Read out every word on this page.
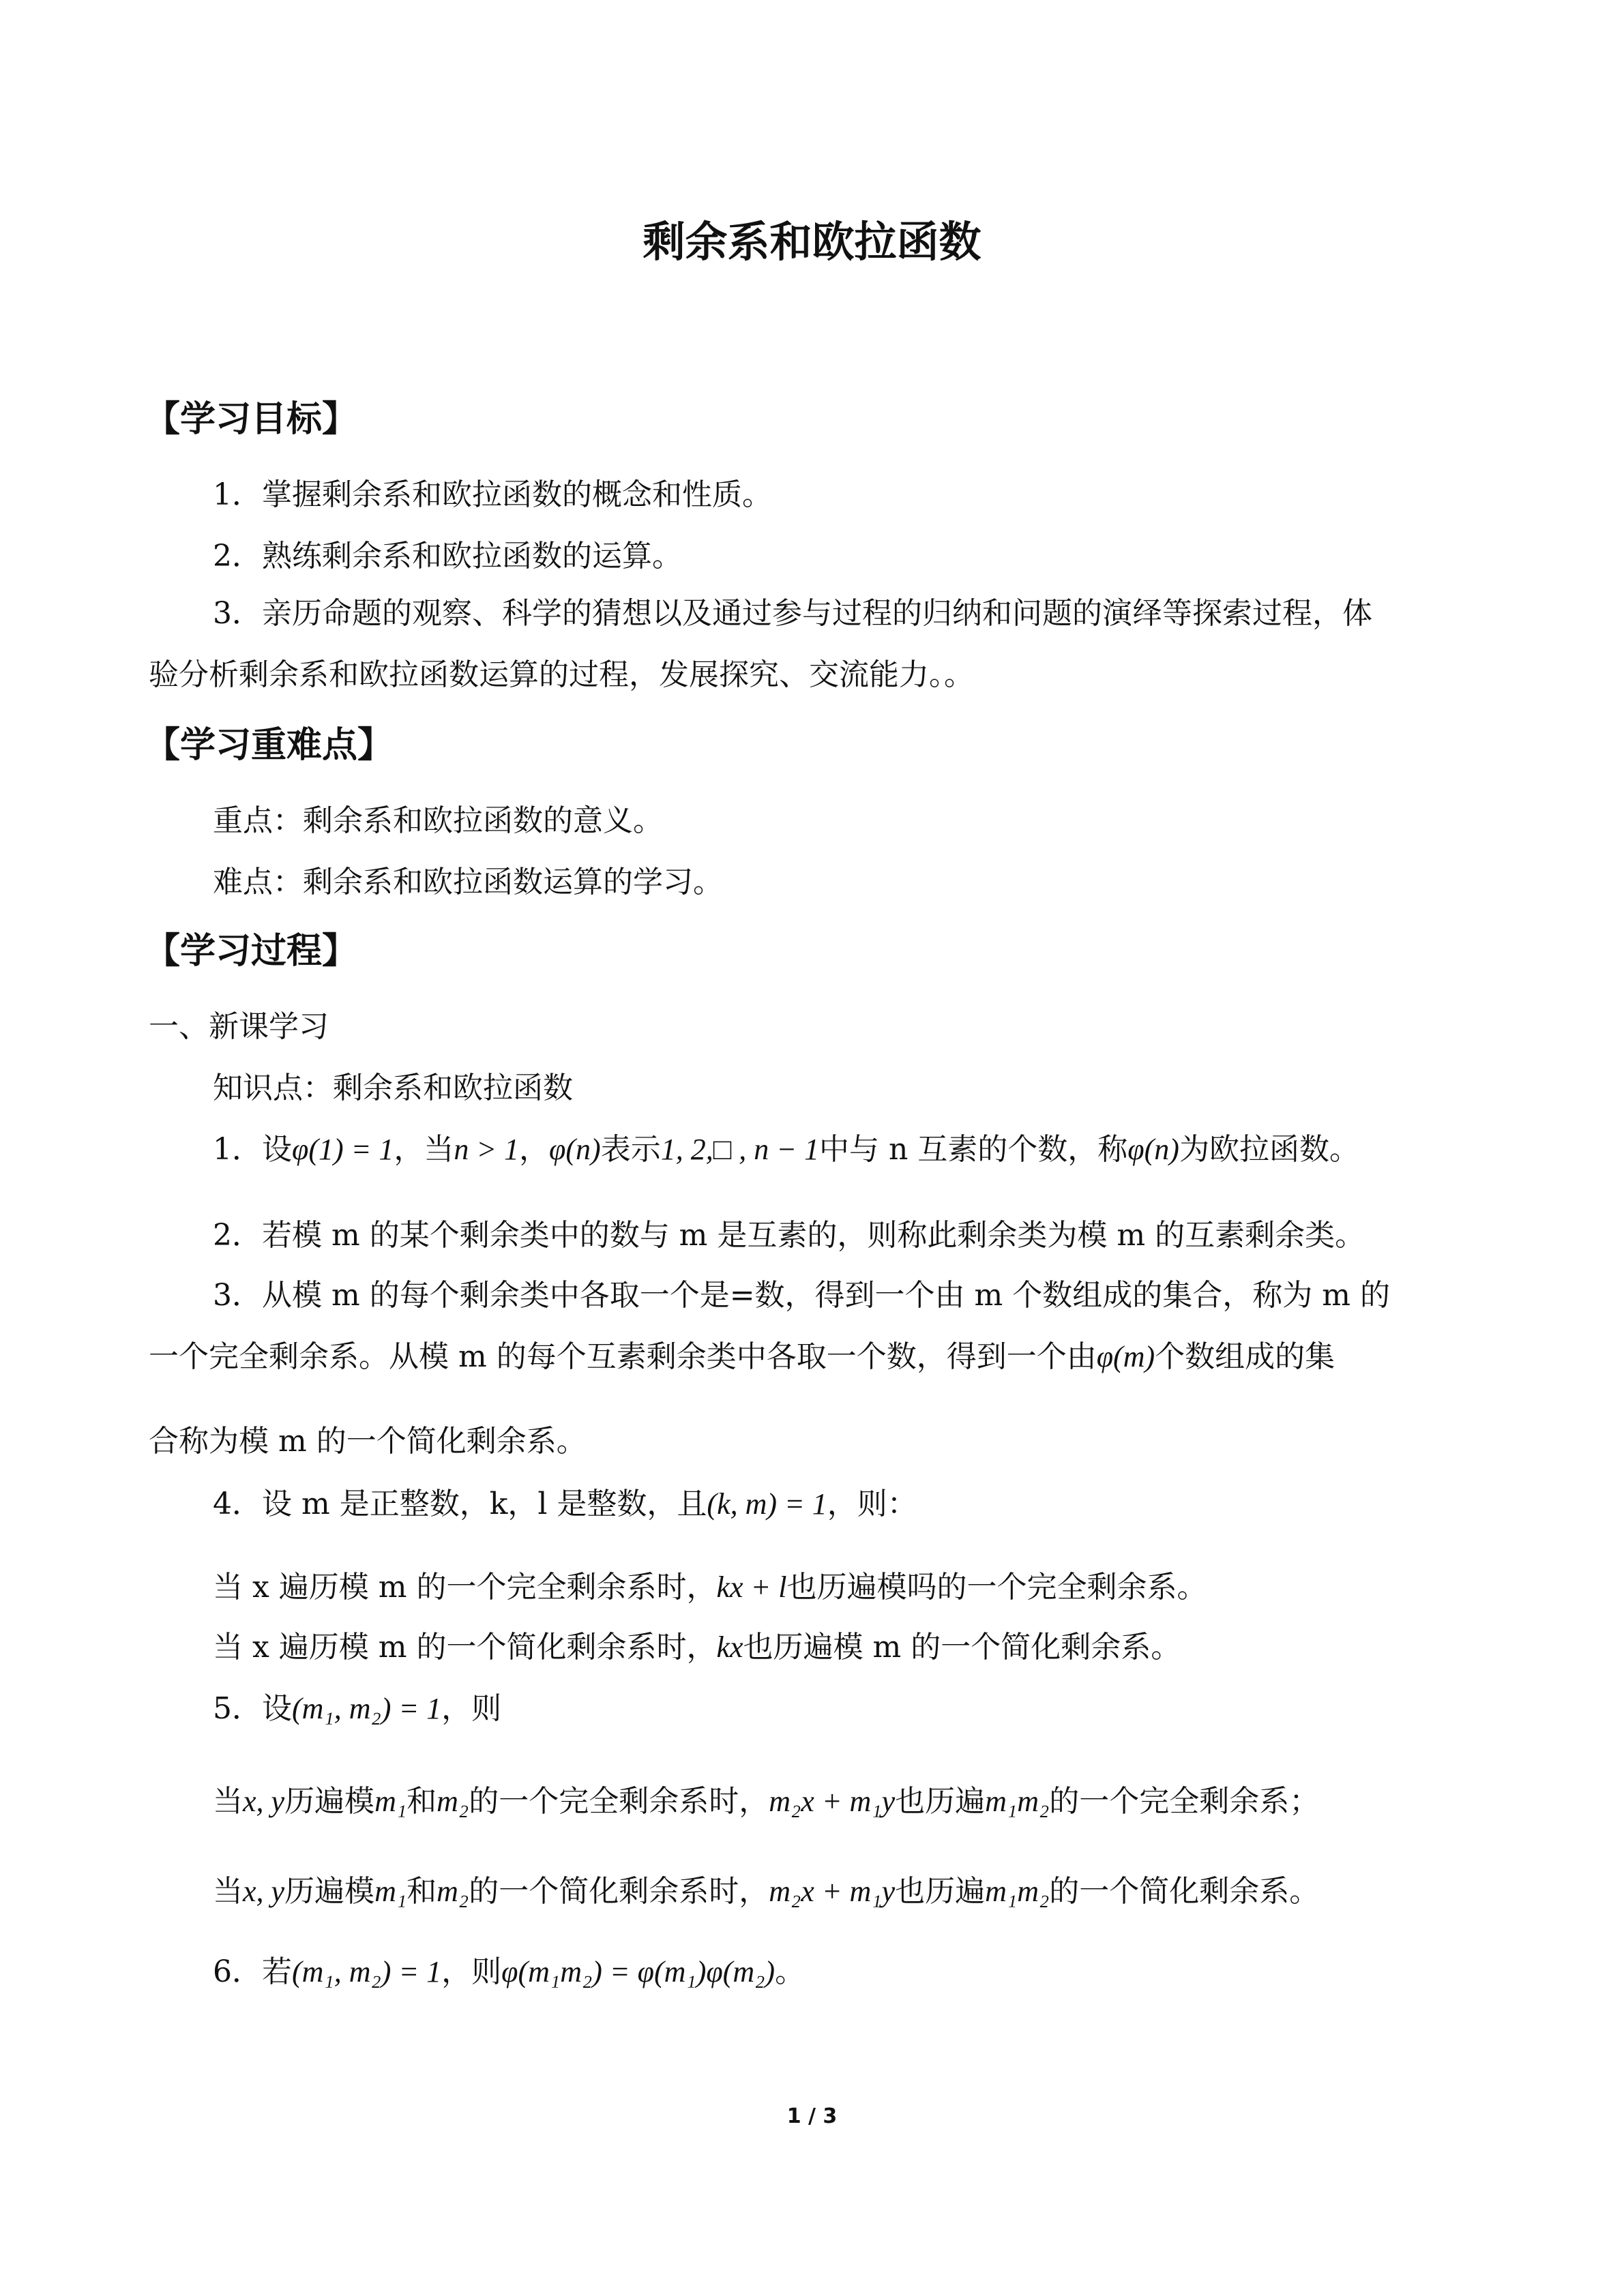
剩余系和欧拉函数
【学习目标】
1．掌握剩余系和欧拉函数的概念和性质。
2．熟练剩余系和欧拉函数的运算。
3．亲历命题的观察、科学的猜想以及通过参与过程的归纳和问题的演绎等探索过程，体
验分析剩余系和欧拉函数运算的过程，发展探究、交流能力。。
【学习重难点】
重点：剩余系和欧拉函数的意义。
难点：剩余系和欧拉函数运算的学习。
【学习过程】
一、新课学习
知识点：剩余系和欧拉函数
1．设φ(1) = 1，当n > 1，φ(n)表示1, 2,□ , n − 1中与 n 互素的个数，称φ(n)为欧拉函数。
2．若模 m 的某个剩余类中的数与 m 是互素的，则称此剩余类为模 m 的互素剩余类。
3．从模 m 的每个剩余类中各取一个是=数，得到一个由 m 个数组成的集合，称为 m 的
一个完全剩余系。从模 m 的每个互素剩余类中各取一个数，得到一个由φ(m)个数组成的集
合称为模 m 的一个简化剩余系。
4．设 m 是正整数，k，l 是整数，且(k, m) = 1，则：
当 x 遍历模 m 的一个完全剩余系时，kx + l也历遍模吗的一个完全剩余系。
当 x 遍历模 m 的一个简化剩余系时，kx也历遍模 m 的一个简化剩余系。
5．设(m₁, m₂) = 1，则
当x, y历遍模m₁和m₂的一个完全剩余系时，m₂x + m₁y也历遍m₁m₂的一个完全剩余系；
当x, y历遍模m₁和m₂的一个简化剩余系时，m₂x + m₁y也历遍m₁m₂的一个简化剩余系。
6．若(m₁, m₂) = 1，则φ(m₁m₂) = φ(m₁)φ(m₂)。
1 / 3
